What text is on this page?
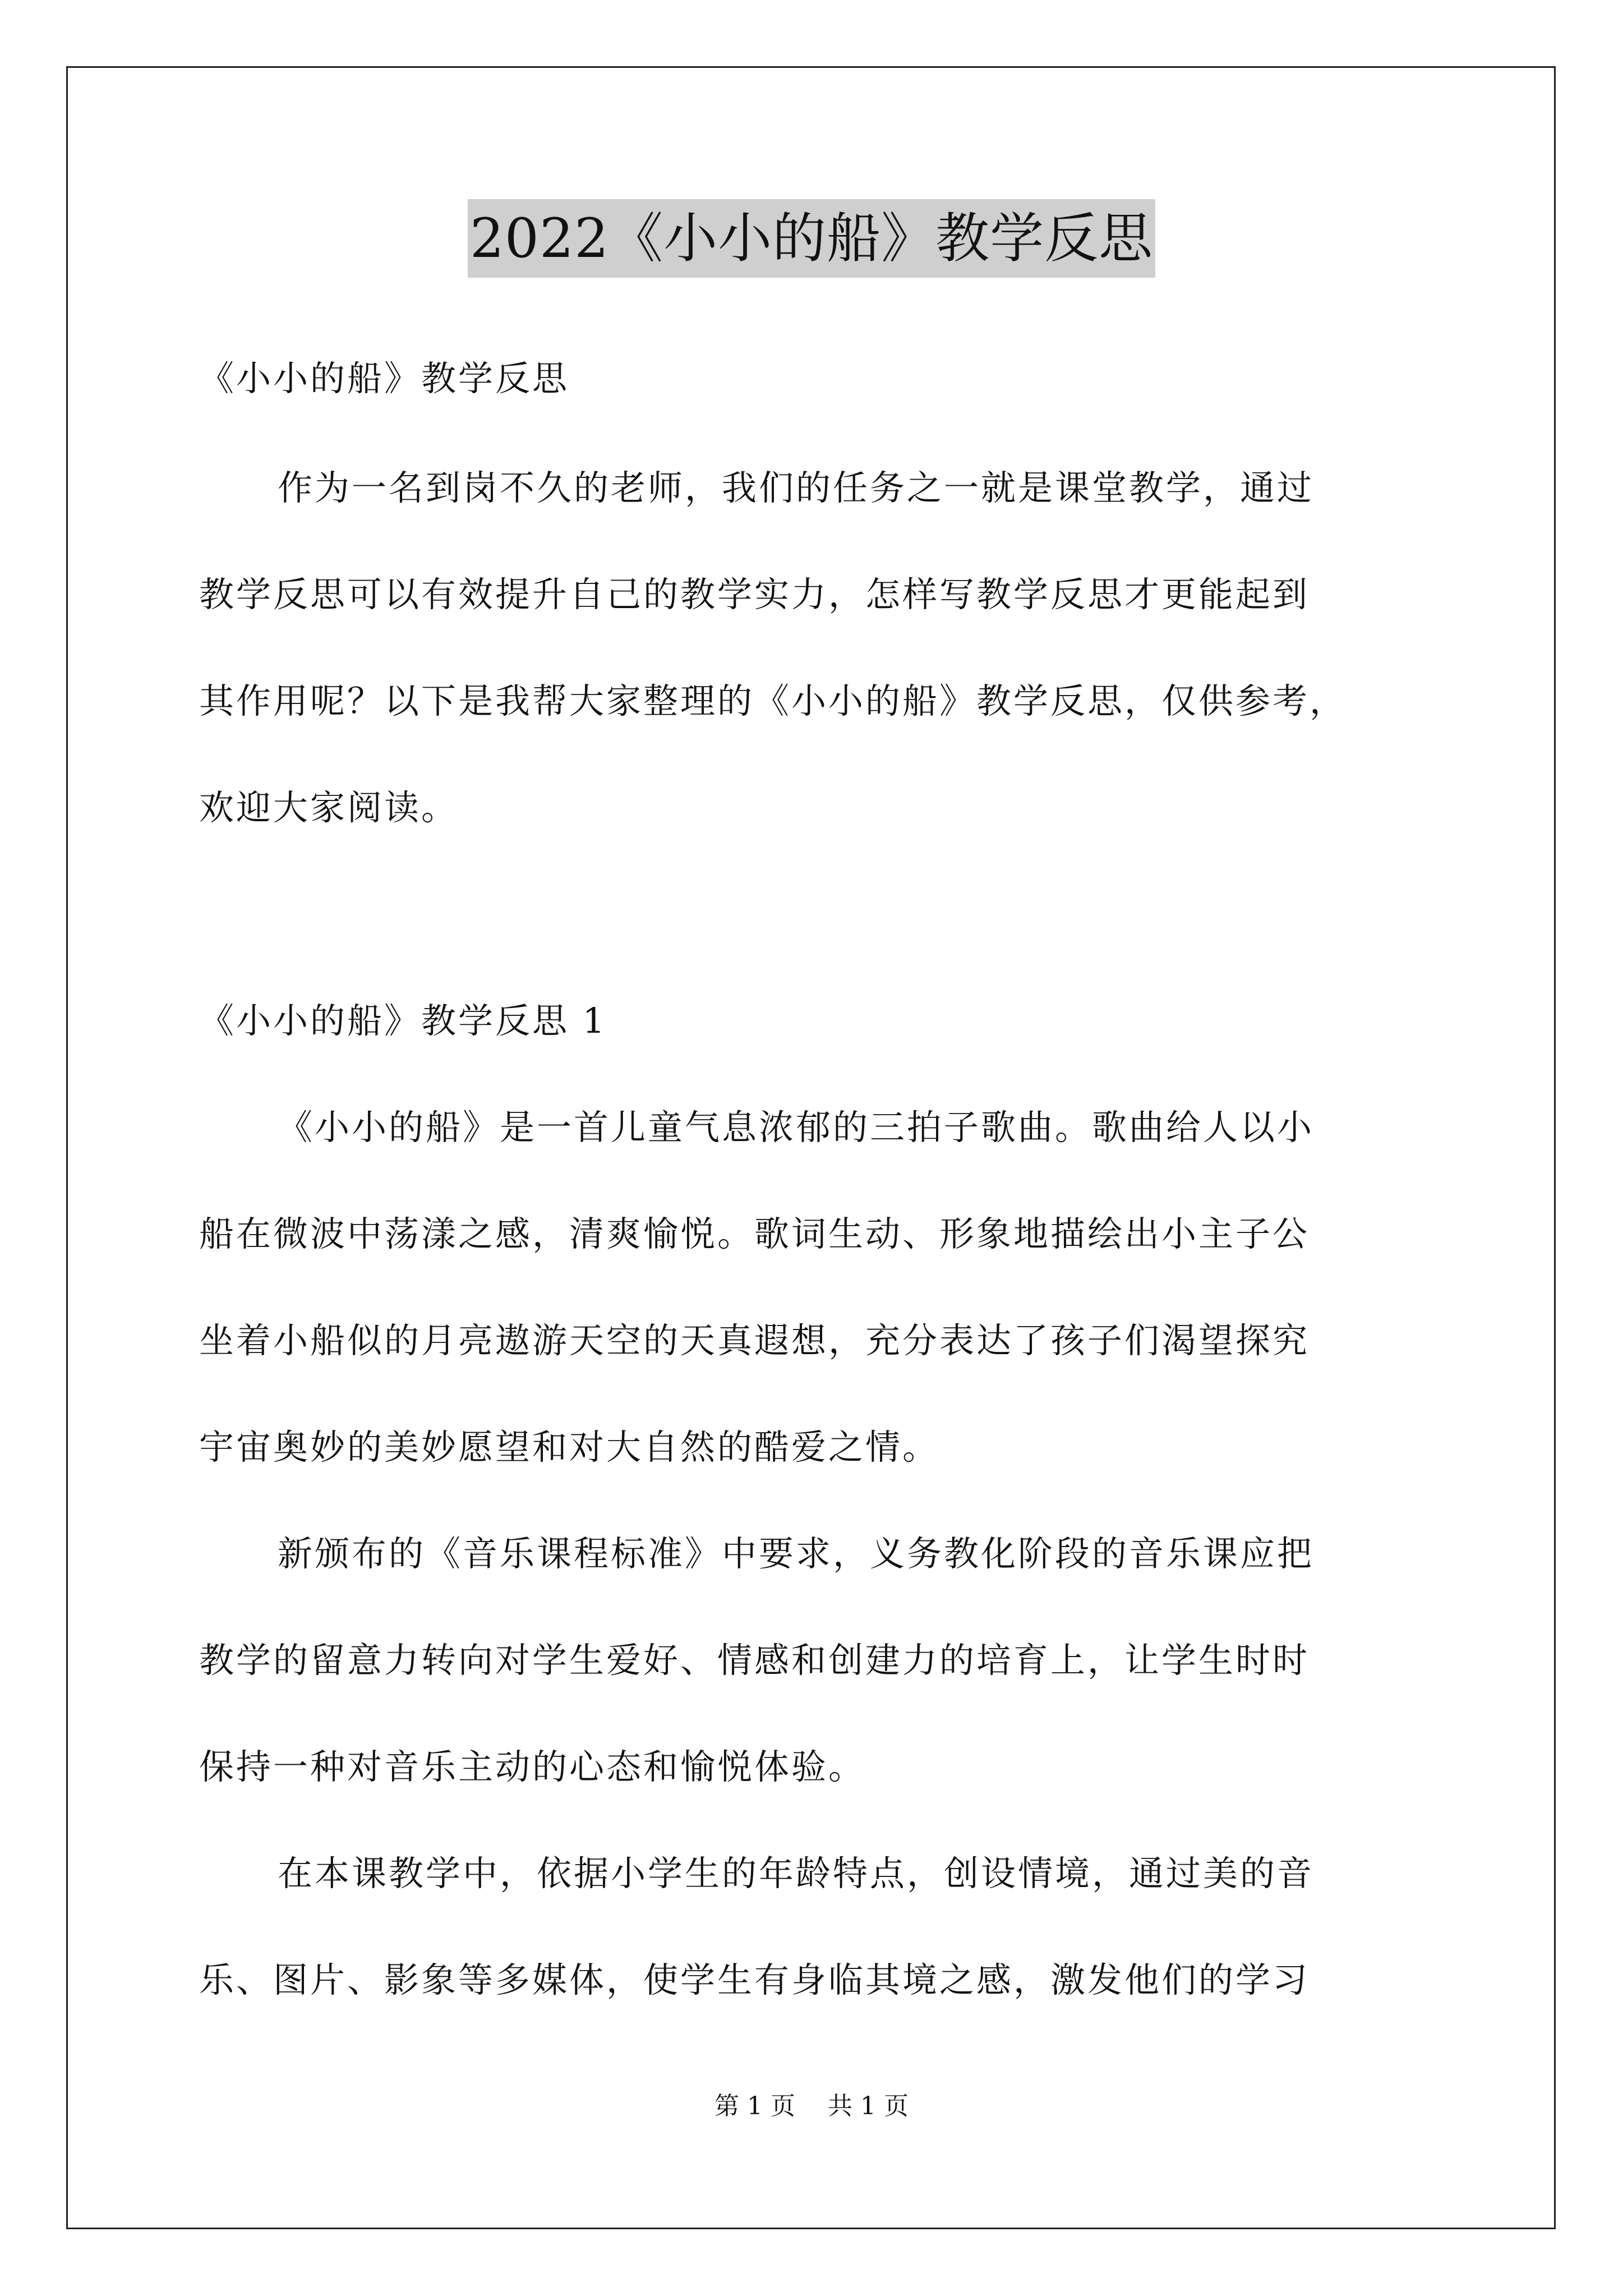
2022《小小的船》教学反思
《小小的船》教学反思
作为一名到岗不久的老师，我们的任务之一就是课堂教学，通过
教学反思可以有效提升自己的教学实力，怎样写教学反思才更能起到
其作用呢？以下是我帮大家整理的《小小的船》教学反思，仅供参考，
欢迎大家阅读。
《小小的船》教学反思 1
《小小的船》是一首儿童气息浓郁的三拍子歌曲。歌曲给人以小
船在微波中荡漾之感，清爽愉悦。歌词生动、形象地描绘出小主子公
坐着小船似的月亮遨游天空的天真遐想，充分表达了孩子们渴望探究
宇宙奥妙的美妙愿望和对大自然的酷爱之情。
新颁布的《音乐课程标准》中要求，义务教化阶段的音乐课应把
教学的留意力转向对学生爱好、情感和创建力的培育上，让学生时时
保持一种对音乐主动的心态和愉悦体验。
在本课教学中，依据小学生的年龄特点，创设情境，通过美的音
乐、图片、影象等多媒体，使学生有身临其境之感，激发他们的学习
第 1 页 共 1 页
